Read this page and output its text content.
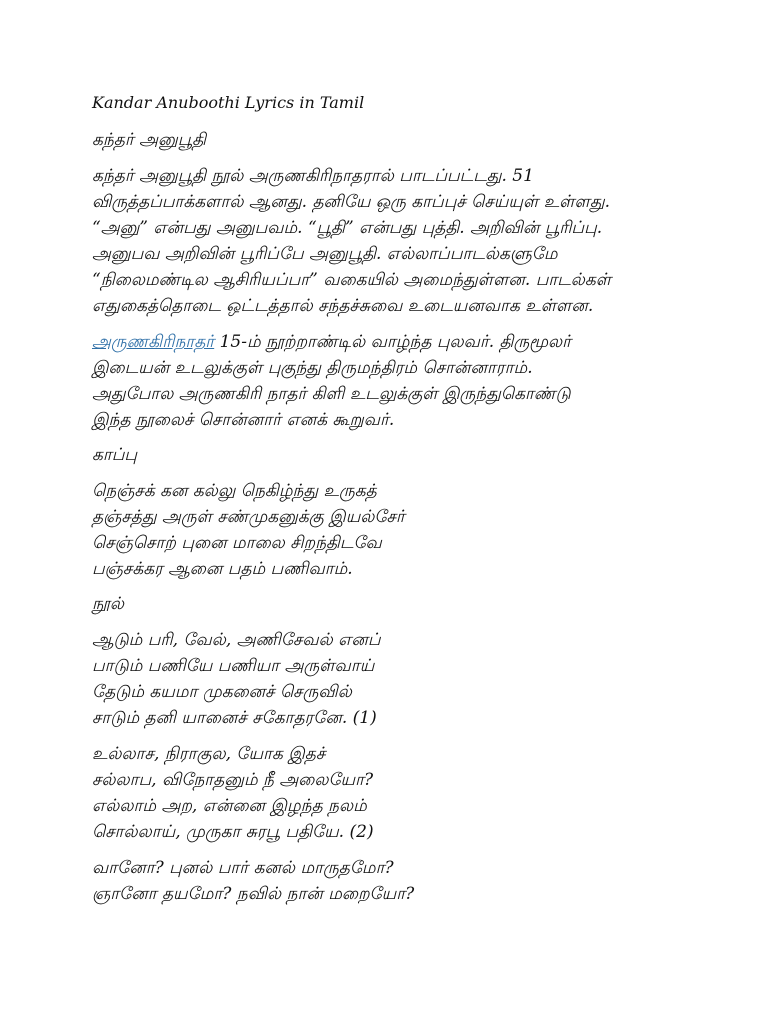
Kandar Anuboothi Lyrics in Tamil
கந்தர் அனுபூதி
கந்தர் அனுபூதி நூல் அருணகிரிநாதரால் பாடப்பட்டது. 51
விருத்தப்பாக்களால் ஆனது. தனியே ஒரு காப்புச் செய்யுள் உள்ளது.
“அனு” என்பது அனுபவம். “பூதி” என்பது புத்தி. அறிவின் பூரிப்பு.
அனுபவ அறிவின் பூரிப்பே அனுபூதி. எல்லாப்பாடல்களுமே
“நிலைமண்டில ஆசிரியப்பா” வகையில் அமைந்துள்ளன. பாடல்கள்
எதுகைத்தொடை ஒட்டத்தால் சந்தச்சுவை உடையனவாக உள்ளன.
அருணகிரிநாதர் 15-ம் நூற்றாண்டில் வாழ்ந்த புலவர். திருமூலர்
இடையன் உடலுக்குள் புகுந்து திருமந்திரம் சொன்னாராம்.
அதுபோல அருணகிரி நாதர் கிளி உடலுக்குள் இருந்துகொண்டு
இந்த நூலைச் சொன்னார் எனக் கூறுவர்.
காப்பு
நெஞ்சக் கன கல்லு நெகிழ்ந்து உருகத்
தஞ்சத்து அருள் சண்முகனுக்கு இயல்சேர்
செஞ்சொற் புனை மாலை சிறந்திடவே
பஞ்சக்கர ஆனை பதம் பணிவாம்.
நூல்
ஆடும் பரி, வேல், அணிசேவல் எனப்
பாடும் பணியே பணியா அருள்வாய்
தேடும் கயமா முகனைச் செருவில்
சாடும் தனி யானைச் சகோதரனே. (1)
உல்லாச, நிராகுல, யோக இதச்
சல்லாப, விநோதனும் நீ அலையோ?
எல்லாம் அற, என்னை இழந்த நலம்
சொல்லாய், முருகா சுரபூ பதியே. (2)
வானோ? புனல் பார் கனல் மாருதமோ?
ஞானோ தயமோ? நவில் நான் மறையோ?
